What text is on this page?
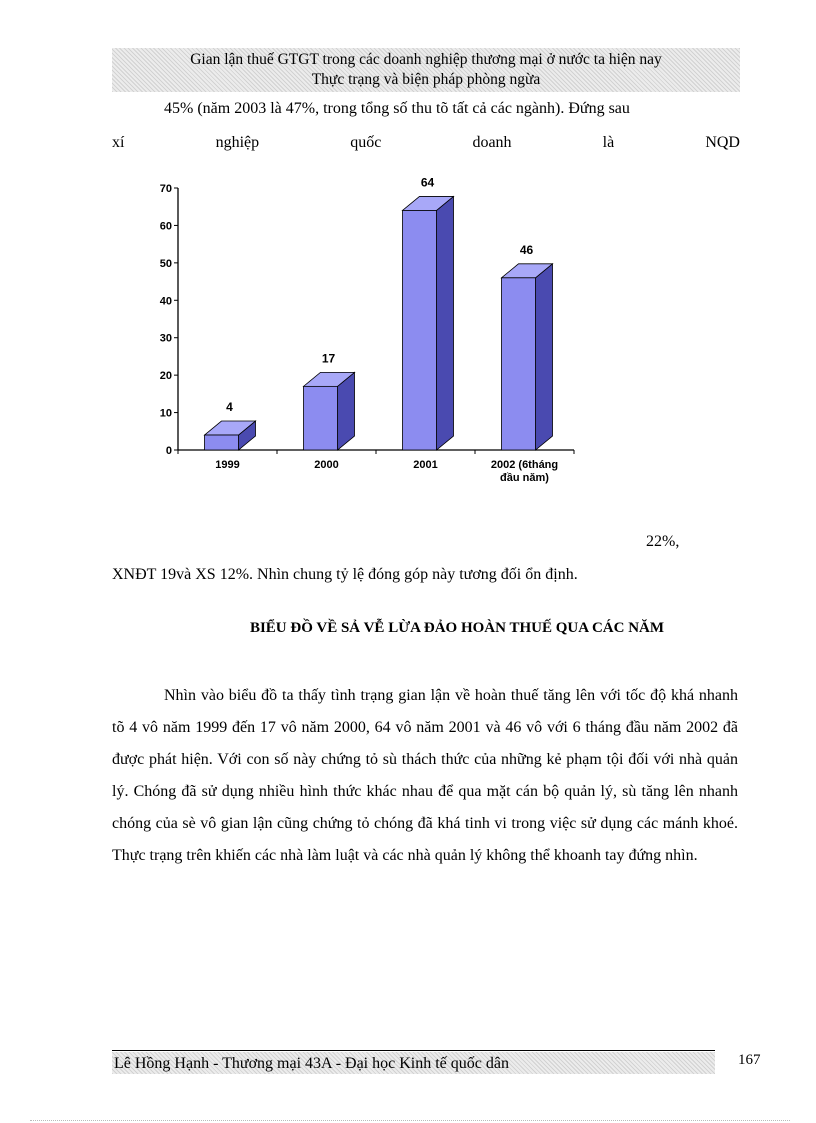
Gian lận thuế GTGT trong các doanh nghiệp thương mại ở nước ta hiện nay
Thực trạng và biện pháp phòng ngừa
45% (năm 2003 là 47%, trong tổng số thu tõ tất cả các ngành). Đứng sau
xí	nghiệp	quốc	doanh	là	NQD
0
10
20
30
40
50
60
70
4
1999
17
2000
64
2001
46
2002 (6tháng
đầu năm)
22%,
XNĐT 19và XS 12%. Nhìn chung tỷ lệ đóng góp này tương đối ổn định.
BIỂU ĐỒ VỀ SẢ VỄ LỪA ĐẢO HOÀN THUẾ QUA CÁC NĂM

Nhìn vào biểu đồ ta thấy tình trạng gian lận về hoàn thuế tăng lên với tốc độ khá nhanh tõ 4 vô năm 1999 đến 17 vô năm 2000, 64 vô năm 2001 và 46 vô với 6 tháng đầu năm 2002 đã được phát hiện. Với con số này chứng tỏ sù thách thức của những kẻ phạm tội đối với nhà quản lý. Chóng đã sử dụng nhiều hình thức khác nhau để qua mặt cán bộ quản lý, sù tăng lên nhanh chóng của sè vô gian lận cũng chứng tỏ chóng đã khá tinh vi trong việc sử dụng các mánh khoé. Thực trạng trên khiến các nhà làm luật và các nhà quản lý không thể khoanh tay đứng nhìn.

Lê Hồng Hạnh - Thương mại 43A - Đại học Kinh tế quốc dân	167
